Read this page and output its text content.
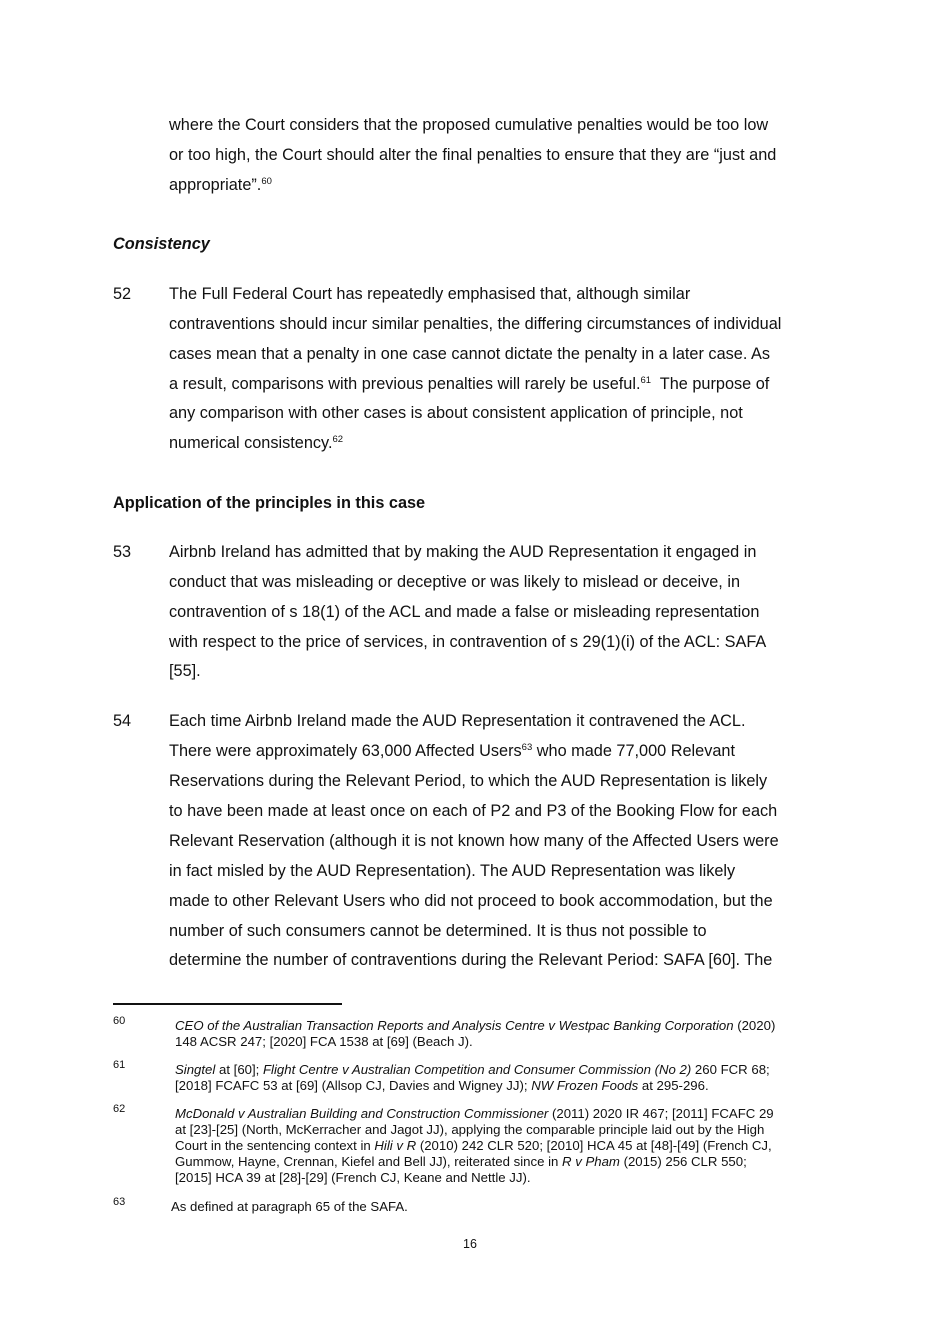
where the Court considers that the proposed cumulative penalties would be too low
or too high, the Court should alter the final penalties to ensure that they are “just and
appropriate”.$^{60}$
Consistency
52 The Full Federal Court has repeatedly emphasised that, although similar
contraventions should incur similar penalties, the differing circumstances of individual
cases mean that a penalty in one case cannot dictate the penalty in a later case. As
a result, comparisons with previous penalties will rarely be useful.$^{61}$  The purpose of
any comparison with other cases is about consistent application of principle, not
numerical consistency.$^{62}$
Application of the principles in this case
53 Airbnb Ireland has admitted that by making the AUD Representation it engaged in
conduct that was misleading or deceptive or was likely to mislead or deceive, in
contravention of s 18(1) of the ACL and made a false or misleading representation
with respect to the price of services, in contravention of s 29(1)(i) of the ACL: SAFA
[55].
54 Each time Airbnb Ireland made the AUD Representation it contravened the ACL.
There were approximately 63,000 Affected Users$^{63}$ who made 77,000 Relevant
Reservations during the Relevant Period, to which the AUD Representation is likely
to have been made at least once on each of P2 and P3 of the Booking Flow for each
Relevant Reservation (although it is not known how many of the Affected Users were
in fact misled by the AUD Representation). The AUD Representation was likely
made to other Relevant Users who did not proceed to book accommodation, but the
number of such consumers cannot be determined. It is thus not possible to
determine the number of contraventions during the Relevant Period: SAFA [60]. The
60	CEO of the Australian Transaction Reports and Analysis Centre v Westpac Banking Corporation (2020)
148 ACSR 247; [2020] FCA 1538 at [69] (Beach J).
61	Singtel at [60]; Flight Centre v Australian Competition and Consumer Commission (No 2) 260 FCR 68;
[2018] FCAFC 53 at [69] (Allsop CJ, Davies and Wigney JJ); NW Frozen Foods at 295-296.
62	McDonald v Australian Building and Construction Commissioner (2011) 2020 IR 467; [2011] FCAFC 29
at [23]-[25] (North, McKerracher and Jagot JJ), applying the comparable principle laid out by the High
Court in the sentencing context in Hili v R (2010) 242 CLR 520; [2010] HCA 45 at [48]-[49] (French CJ,
Gummow, Hayne, Crennan, Kiefel and Bell JJ), reiterated since in R v Pham (2015) 256 CLR 550;
[2015] HCA 39 at [28]-[29] (French CJ, Keane and Nettle JJ).
63	As defined at paragraph 65 of the SAFA.
16
